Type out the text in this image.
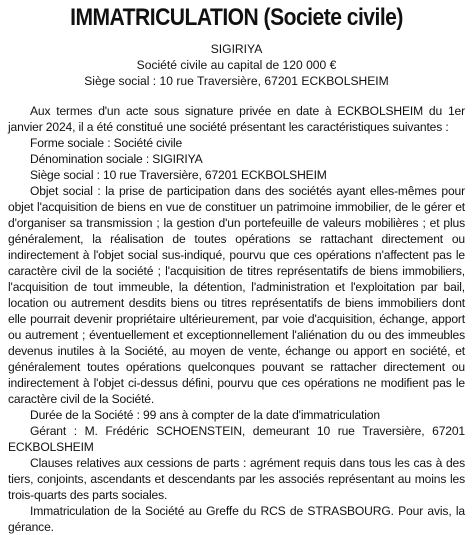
IMMATRICULATION (Societe civile)
SIGIRIYA
Société civile au capital de 120 000 €
Siège social : 10 rue Traversière, 67201 ECKBOLSHEIM

Aux termes d'un acte sous signature privée en date à ECKBOLSHEIM du 1er janvier 2024, il a été constitué une société présentant les caractéristiques suivantes :

Forme sociale : Société civile

Dénomination sociale : SIGIRIYA

Siège social : 10 rue Traversière, 67201 ECKBOLSHEIM

Objet social : la prise de participation dans des sociétés ayant elles-mêmes pour objet l'acquisition de biens en vue de constituer un patrimoine immobilier, de le gérer et d'organiser sa transmission ; la gestion d'un portefeuille de valeurs mobilières ; et plus généralement, la réalisation de toutes opérations se rattachant directement ou indirectement à l'objet social sus-indiqué, pourvu que ces opérations n'affectent pas le caractère civil de la société ; l'acquisition de titres représentatifs de biens immobiliers, l'acquisition de tout immeuble, la détention, l'administration et l'exploitation par bail, location ou autrement desdits biens ou titres représentatifs de biens immobiliers dont elle pourrait devenir propriétaire ultérieurement, par voie d'acquisition, échange, apport ou autrement ; éventuellement et exceptionnellement l'aliénation du ou des immeubles devenus inutiles à la Société, au moyen de vente, échange ou apport en société, et généralement toutes opérations quelconques pouvant se rattacher directement ou indirectement à l'objet ci-dessus défini, pourvu que ces opérations ne modifient pas le caractère civil de la Société.

Durée de la Société : 99 ans à compter de la date d'immatriculation

Gérant : M. Frédéric SCHOENSTEIN, demeurant 10 rue Traversière, 67201 ECKBOLSHEIM

Clauses relatives aux cessions de parts : agrément requis dans tous les cas à des tiers, conjoints, ascendants et descendants par les associés représentant au moins les trois-quarts des parts sociales.

Immatriculation de la Société au Greffe du RCS de STRASBOURG. Pour avis, la gérance.
